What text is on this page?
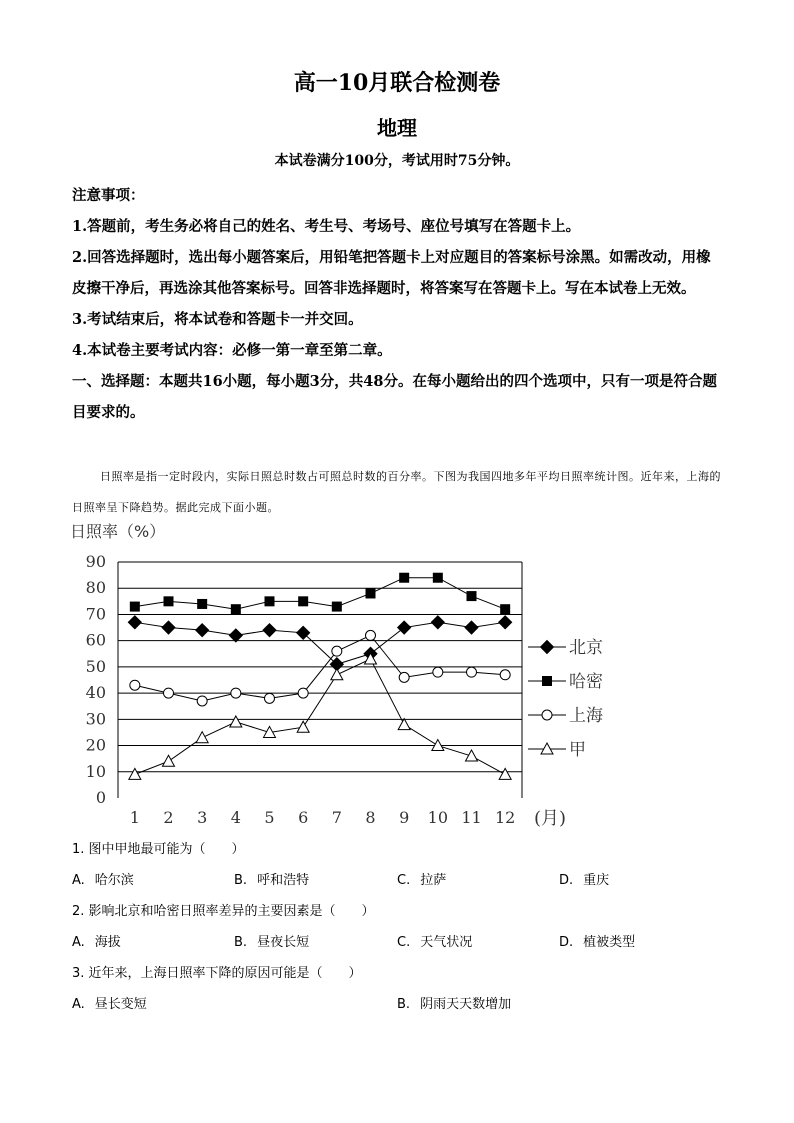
高一10月联合检测卷
地理
本试卷满分100分，考试用时75分钟。

注意事项：

1.答题前，考生务必将自己的姓名、考生号、考场号、座位号填写在答题卡上。

2.回答选择题时，选出每小题答案后，用铅笔把答题卡上对应题目的答案标号涂黑。如需改动，用橡皮擦干净后，再选涂其他答案标号。回答非选择题时，将答案写在答题卡上。写在本试卷上无效。

3.考试结束后，将本试卷和答题卡一并交回。

4.本试卷主要考试内容：必修一第一章至第二章。

一、选择题：本题共16小题，每小题3分，共48分。在每小题给出的四个选项中，只有一项是符合题目要求的。

日照率是指一定时段内，实际日照总时数占可照总时数的百分率。下图为我国四地多年平均日照率统计图。近年来，上海的日照率呈下降趋势。据此完成下面小题。
日照率（%）
0
10
20
30
40
50
60
70
80
90
1 2 3 4 5 6 7 8 9 10 11 12 (月)
北京
哈密
上海
甲
1. 图中甲地最可能为（　　）
A. 哈尔滨	B. 呼和浩特	C. 拉萨	D. 重庆
2. 影响北京和哈密日照率差异的主要因素是（　　）
A. 海拔	B. 昼夜长短	C. 天气状况	D. 植被类型
3. 近年来，上海日照率下降的原因可能是（　　）
A. 昼长变短	B. 阴雨天天数增加
